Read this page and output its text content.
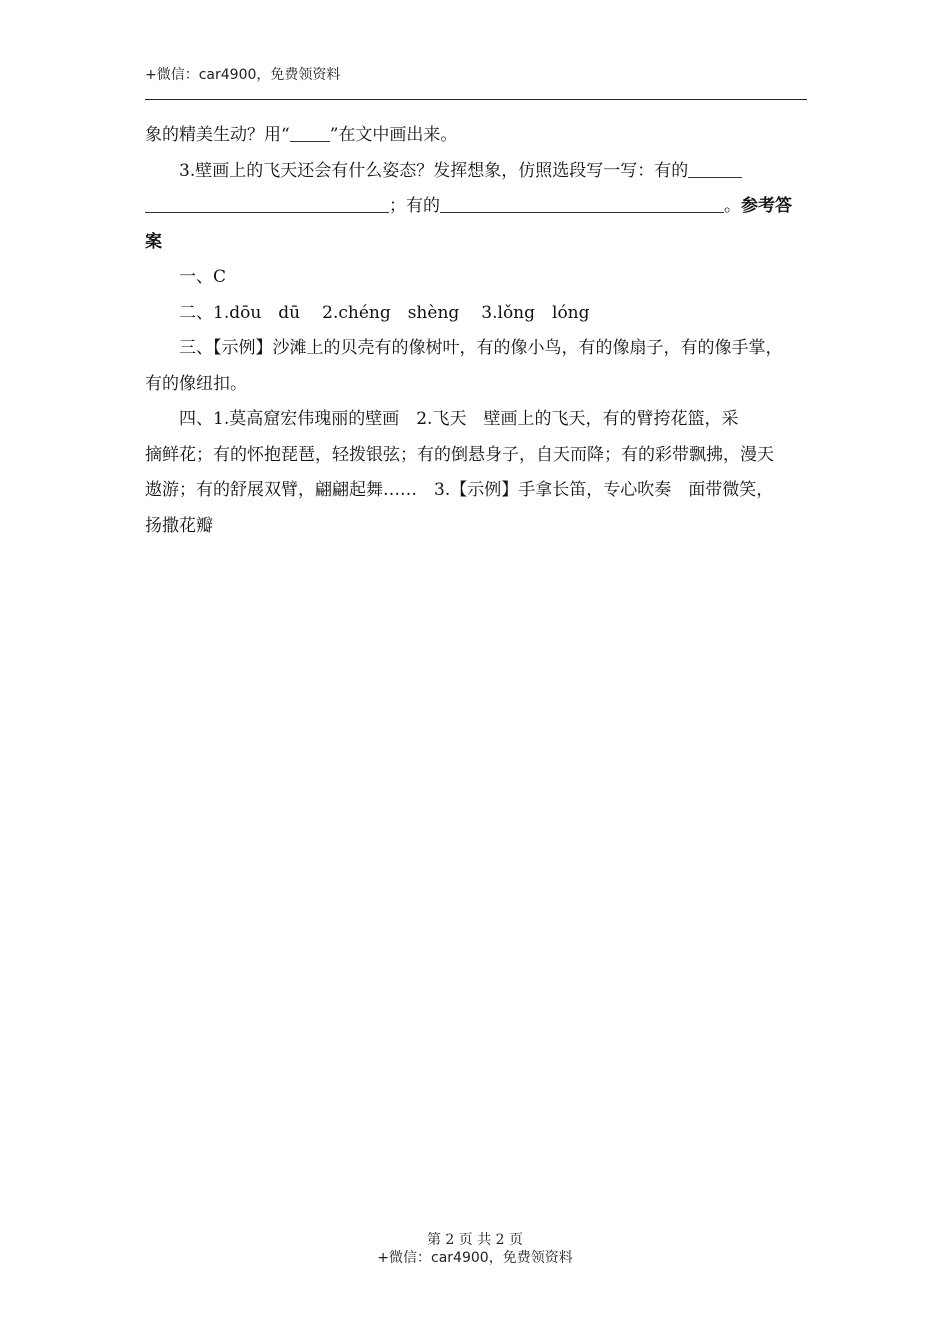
+微信：car4900，免费领资料
象的精美生动？用“ ”在文中画出来。
3.壁画上的飞天还会有什么姿态？发挥想象，仿照选段写一写：有的
；有的	。参考答
案
一、C
二、1.dōu　dū 2.chéng　shèng 3.lǒng　lóng
三、【示例】沙滩上的贝壳有的像树叶，有的像小鸟，有的像扇子，有的像手掌，
有的像纽扣。
四、1.莫高窟宏伟瑰丽的壁画　2.飞天　壁画上的飞天，有的臂挎花篮，采
摘鲜花；有的怀抱琵琶，轻拨银弦；有的倒悬身子，自天而降；有的彩带飘拂，漫天
遨游；有的舒展双臂，翩翩起舞……　3.【示例】手拿长笛，专心吹奏　面带微笑，
扬撒花瓣
第 2 页 共 2 页
+微信：car4900，免费领资料
